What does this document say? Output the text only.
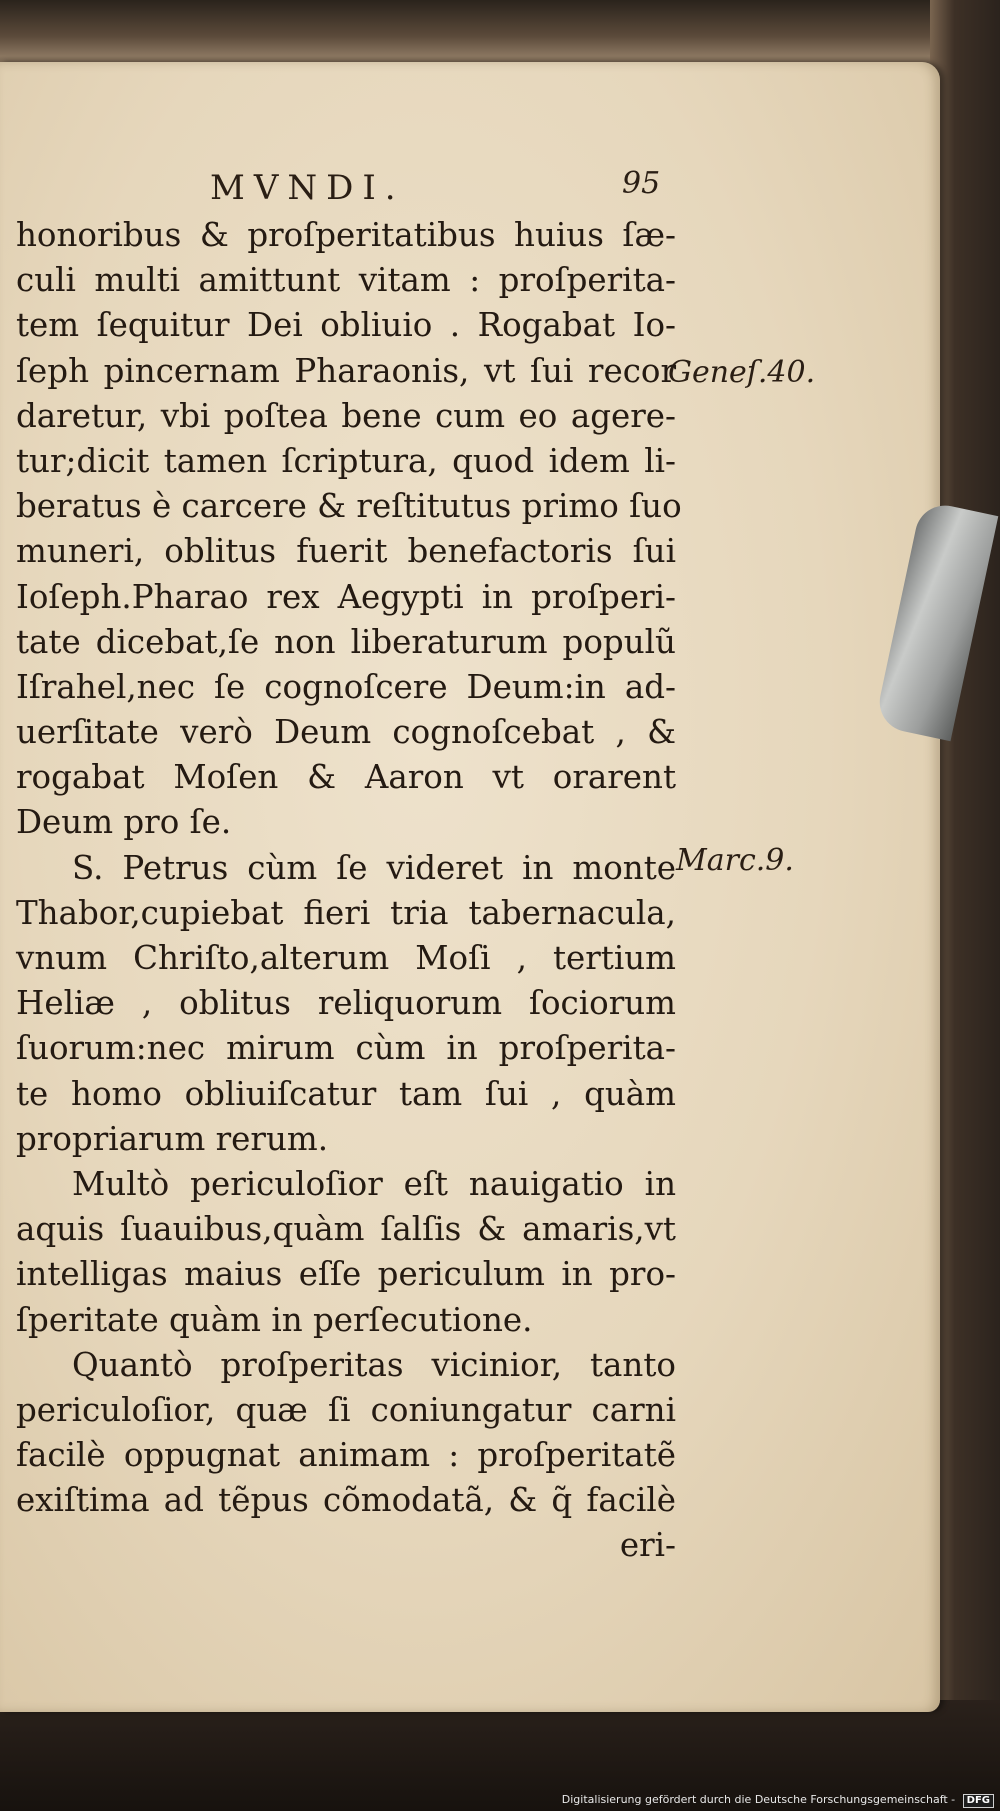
MVNDI.	95
Geneſ.40.
Marc.9.
honoribus & proſperitatibus huius ſæ-
culi multi amittunt vitam : proſperita-
tem ſequitur Dei obliuio . Rogabat Io-
ſeph pincernam Pharaonis, vt ſui recor
daretur, vbi poſtea bene cum eo agere-
tur;dicit tamen ſcriptura, quod idem li-
beratus è carcere & reſtitutus primo ſuo
muneri, oblitus fuerit benefactoris ſui
Ioſeph.Pharao rex Aegypti in proſperi-
tate dicebat,ſe non liberaturum populũ
Iſrahel,nec ſe cognoſcere Deum:in ad-
uerſitate verò Deum cognoſcebat , &
rogabat Moſen & Aaron vt orarent
Deum pro ſe.
S. Petrus cùm ſe videret in monte
Thabor,cupiebat fieri tria tabernacula,
vnum Chriſto,alterum Moſi , tertium
Heliæ , oblitus reliquorum ſociorum
ſuorum:nec mirum cùm in proſperita-
te homo obliuiſcatur tam ſui , quàm
propriarum rerum.
Multò periculoſior eſt nauigatio in
aquis ſuauibus,quàm ſalſis & amaris,vt
intelligas maius eſſe periculum in pro-
ſperitate quàm in perſecutione.
Quantò proſperitas vicinior, tanto
periculoſior, quæ ſi coniungatur carni
facilè oppugnat animam : proſperitatẽ
exiſtima ad tẽpus cõmodatã, & q̃ facilè
eri-
Digitalisierung gefördert durch die Deutsche Forschungsgemeinschaft - DFG
